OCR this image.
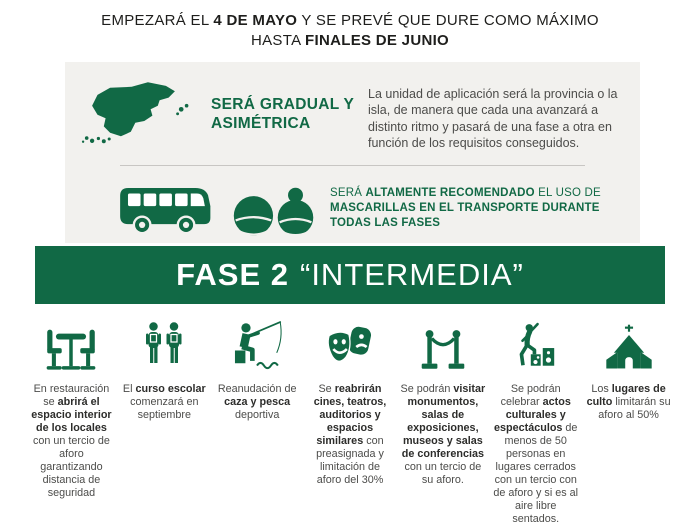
EMPEZARÁ EL 4 DE MAYO Y SE PREVÉ QUE DURE COMO MÁXIMO
HASTA FINALES DE JUNIO
SERÁ GRADUAL Y ASIMÉTRICA

La unidad de aplicación será la provincia o la isla, de manera que cada una avanzará a distinto ritmo y pasará de una fase a otra en función de los requisitos conseguidos.

SERÁ ALTAMENTE RECOMENDADO EL USO DE MASCARILLAS EN EL TRANSPORTE DURANTE TODAS LAS FASES
FASE 2 “INTERMEDIA”
En restauración se abrirá el espacio interior de los locales con un tercio de aforo garantizando distancia de seguridad
El curso escolar comenzará en septiembre
Reanudación de caza y pesca deportiva
Se reabrirán cines, teatros, auditorios y espacios similares con preasignada y limitación de aforo del 30%
Se podrán visitar monumentos, salas de exposiciones, museos y salas de conferencias con un tercio de su aforo.
Se podrán celebrar actos culturales y espectáculos de menos de 50 personas en lugares cerrados con un tercio con de aforo y si es al aire libre sentados.
Los lugares de culto limitarán su aforo al 50%
